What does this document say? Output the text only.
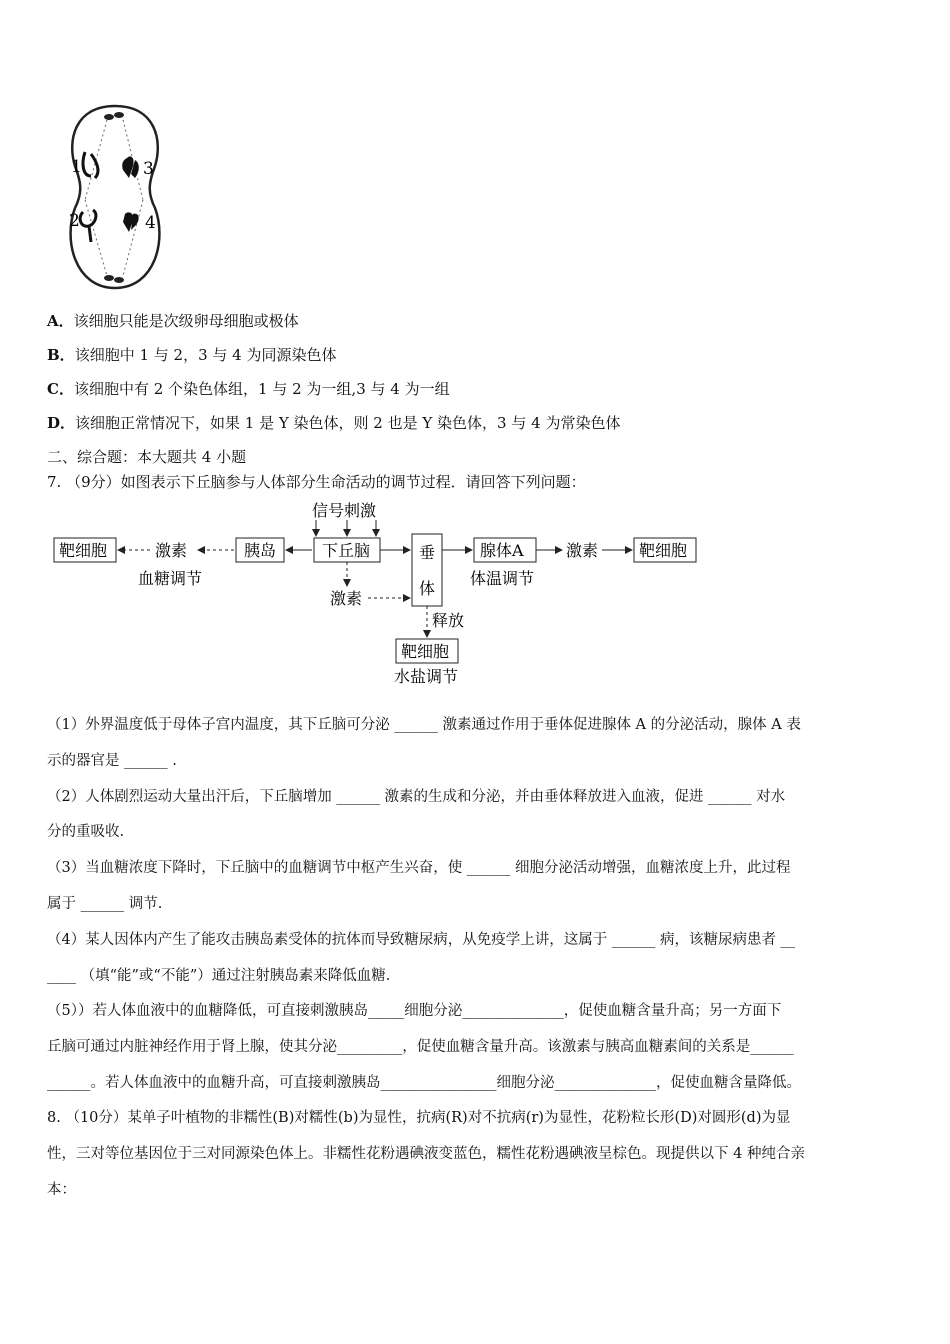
1	3
2	4
A．该细胞只能是次级卵母细胞或极体
B．该细胞中 1 与 2，3 与 4 为同源染色体
C．该细胞中有 2 个染色体组，1 与 2 为一组,3 与 4 为一组
D．该细胞正常情况下，如果 1 是 Y 染色体，则 2 也是 Y 染色体，3 与 4 为常染色体
二、综合题：本大题共 4 小题
7. （9分）如图表示下丘脑参与人体部分生命活动的调节过程．请回答下列问题：
靶细胞	激素	胰岛	下丘脑
信号刺激
垂
体
腺体A	激素	靶细胞
血糖调节
激素
体温调节
释放
靶细胞
水盐调节
（1）外界温度低于母体子宫内温度，其下丘脑可分泌 ______ 激素通过作用于垂体促进腺体 A 的分泌活动，腺体 A 表
示的器官是 ______ .
（2）人体剧烈运动大量出汗后，下丘脑增加 ______ 激素的生成和分泌，并由垂体释放进入血液，促进 ______ 对水
分的重吸收.
（3）当血糖浓度下降时，下丘脑中的血糖调节中枢产生兴奋，使 ______ 细胞分泌活动增强，血糖浓度上升，此过程
属于 ______ 调节.
（4）某人因体内产生了能攻击胰岛素受体的抗体而导致糖尿病，从免疫学上讲，这属于 ______ 病，该糖尿病患者 __
____ （填“能”或“不能”）通过注射胰岛素来降低血糖.
（5））若人体血液中的血糖降低，可直接刺激胰岛_____细胞分泌______________，促使血糖含量升高；另一方面下
丘脑可通过内脏神经作用于肾上腺，使其分泌_________，促使血糖含量升高。该激素与胰高血糖素间的关系是______
______。若人体血液中的血糖升高，可直接刺激胰岛________________细胞分泌______________，促使血糖含量降低。
8. （10分）某单子叶植物的非糯性(B)对糯性(b)为显性，抗病(R)对不抗病(r)为显性，花粉粒长形(D)对圆形(d)为显
性，三对等位基因位于三对同源染色体上。非糯性花粉遇碘液变蓝色，糯性花粉遇碘液呈棕色。现提供以下 4 种纯合亲
本：
